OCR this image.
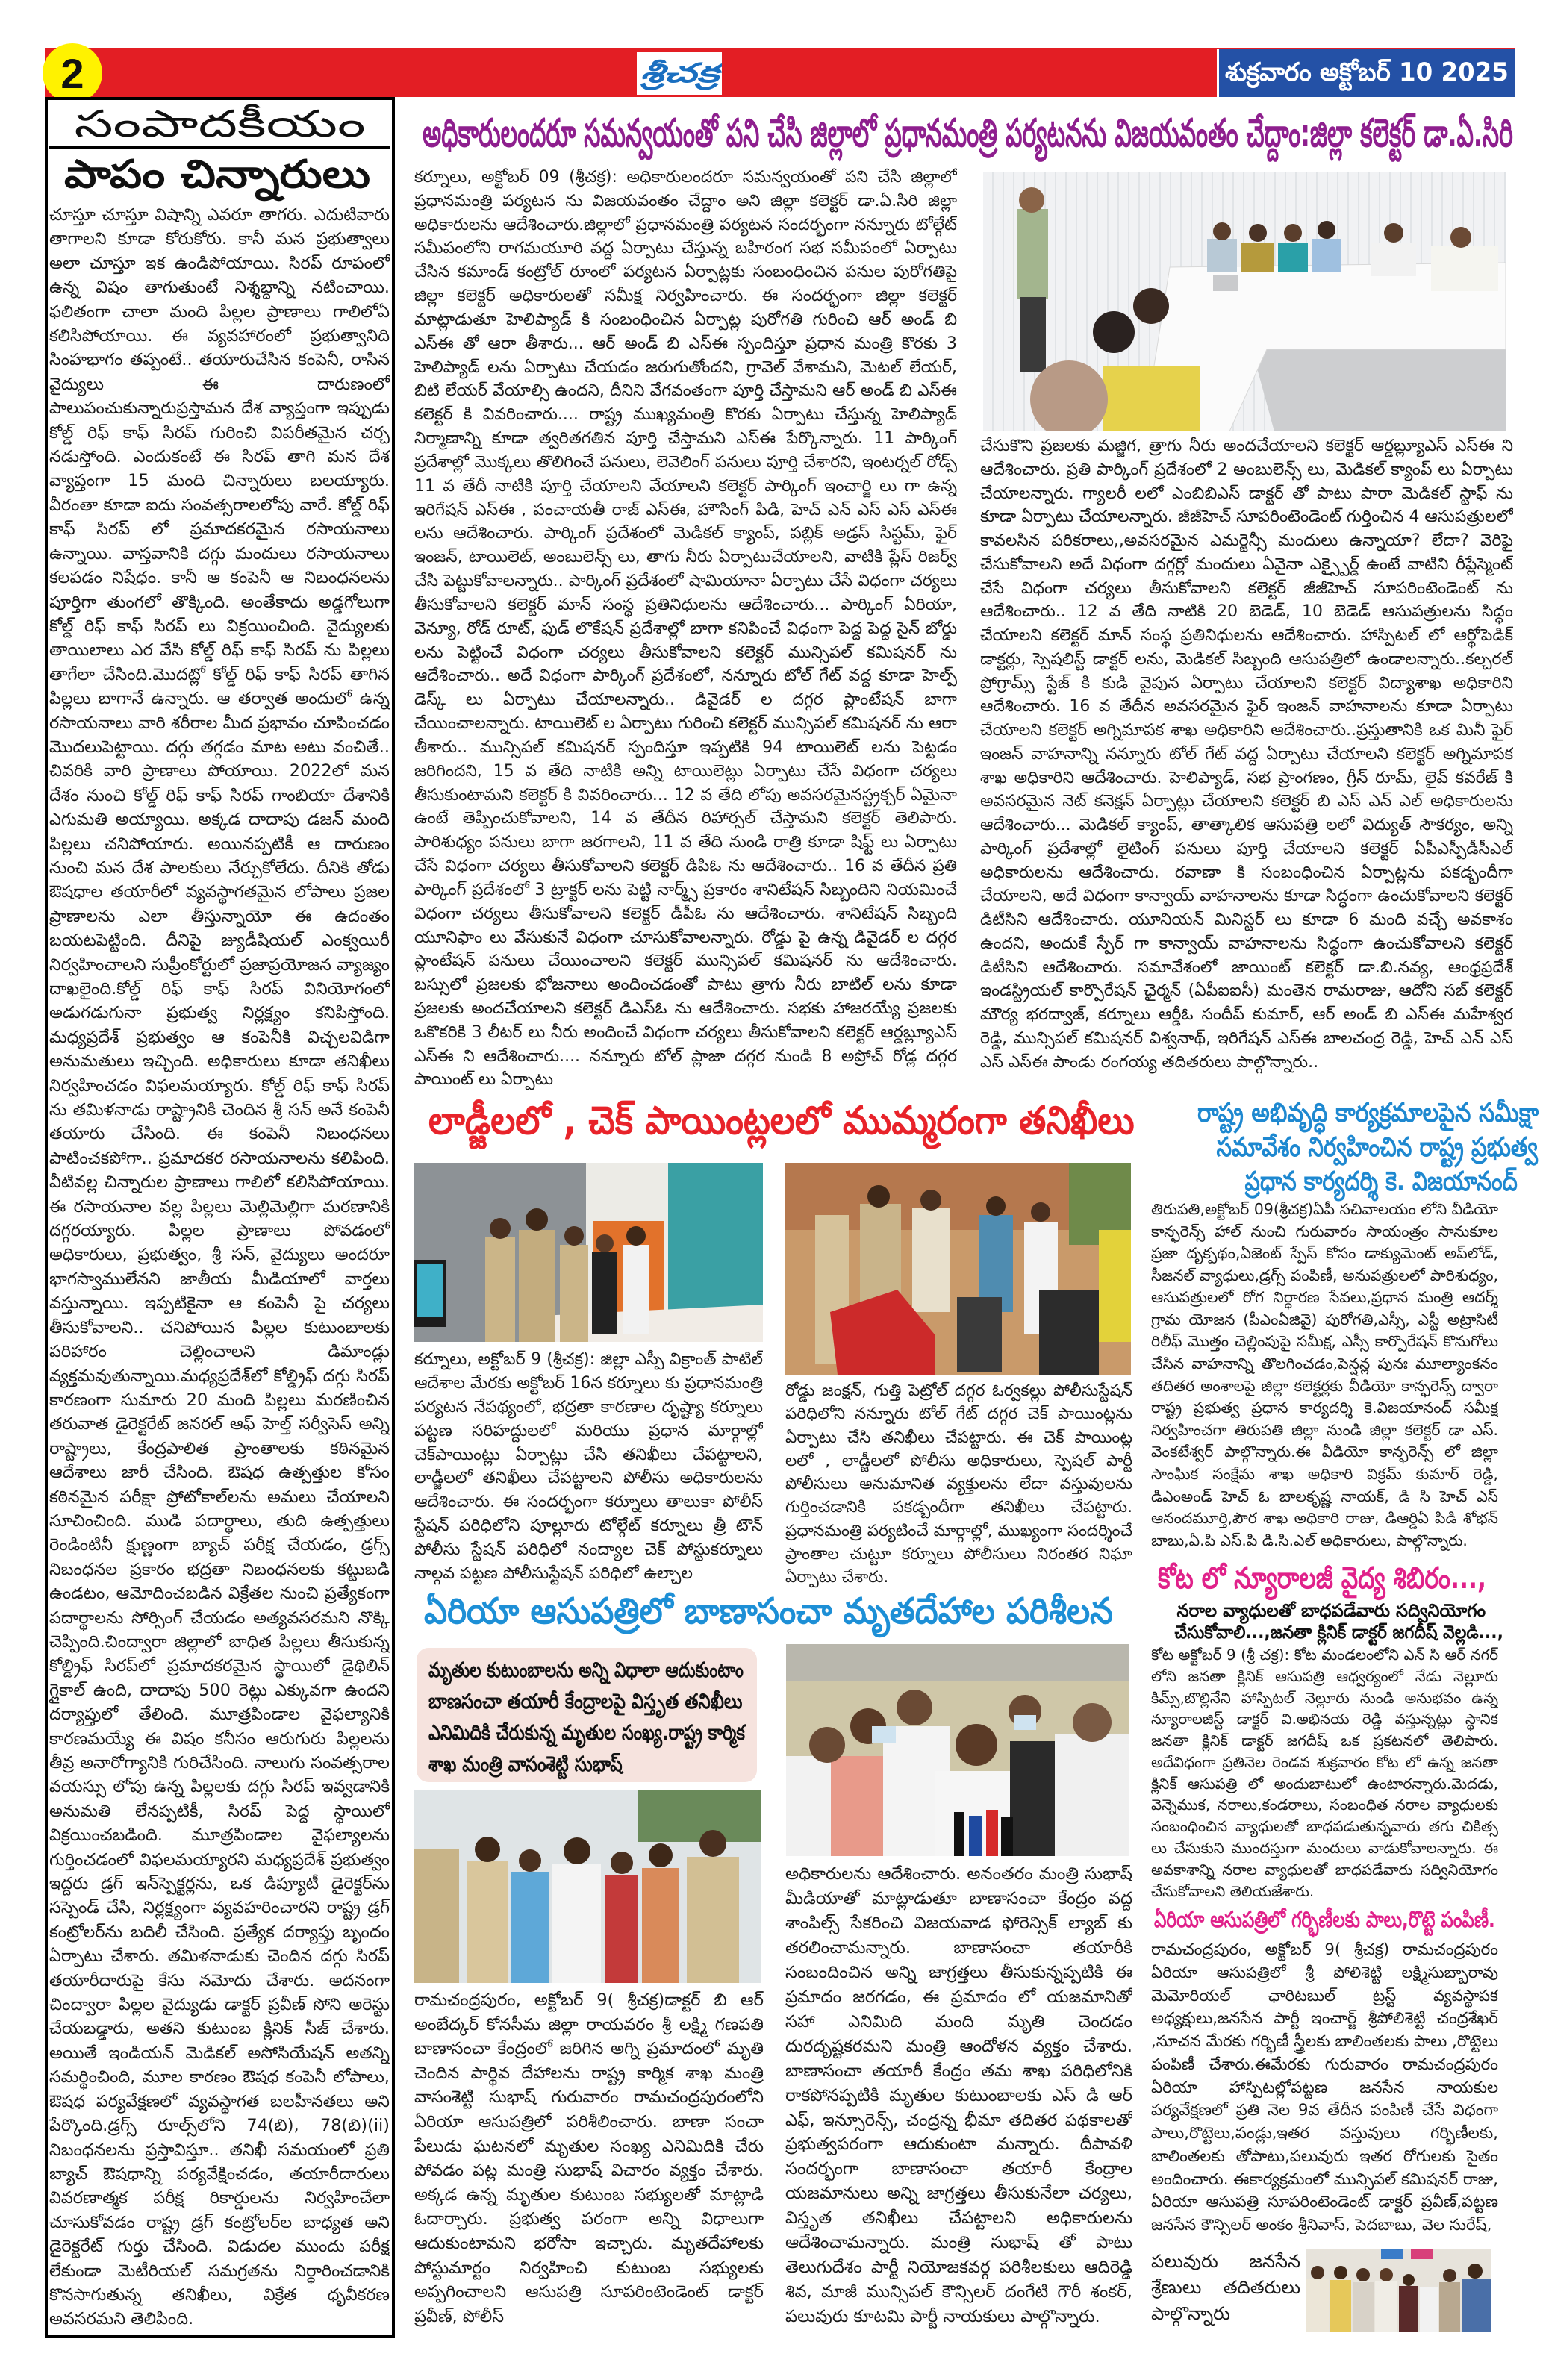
2	శ్రీచక్ర	శుక్రవారం అక్టోబర్ 10 2025
సంపాదకీయం
పాపం చిన్నారులు
చూస్తూ చూస్తూ విషాన్ని ఎవరూ తాగరు. ఎదుటివారు తాగాలని కూడా కోరుకోరు. కానీ మన ప్రభుత్వాలు అలా చూస్తూ ఇక ఉండిపోయాయి. సిరప్ రూపంలో ఉన్న విషం తాగుతుంటే నిశ్శబ్దాన్ని నటించాయి. ఫలితంగా చాలా మంది పిల్లల ప్రాణాలు గాలిలోఏ కలిసిపోయాయి. ఈ వ్యవహారంలో ప్రభుత్వానిది సింహభాగం తప్పంటే.. తయారుచేసిన కంపెనీ, రాసిన వైద్యులు ఈ దారుణంలో పాలుపంచుకున్నారుప్రస్తామన దేశ వ్యాప్తంగా ఇప్పుడు కోల్డ్ రిఫ్ కాఫ్ సిరప్ గురించి విపరీతమైన చర్చ నడుస్తోంది. ఎందుకంటే ఈ సిరప్ తాగి మన దేశ వ్యాప్తంగా 15 మంది చిన్నారులు బలయ్యారు. వీరంతా కూడా ఐదు సంవత్సరాలలోపు వారే. కోల్డ్ రిఫ్ కాఫ్ సిరప్ లో ప్రమాదకరమైన రసాయనాలు ఉన్నాయి. వాస్తవానికి దగ్గు మందులు రసాయనాలు కలపడం నిషేధం. కానీ ఆ కంపెనీ ఆ నిబంధనలను పూర్తిగా తుంగలో తొక్కింది. అంతేకాదు అడ్డగోలుగా కోల్డ్ రిఫ్ కాఫ్ సిరప్ లు విక్రయించింది. వైద్యులకు తాయిలాలు ఎర వేసి కోల్డ్ రిఫ్ కాఫ్ సిరప్ ను పిల్లలు తాగేలా చేసింది.మొదట్లో కోల్డ్ రిఫ్ కాఫ్ సిరప్ తాగిన పిల్లలు బాగానే ఉన్నారు. ఆ తర్వాత అందులో ఉన్న రసాయనాలు వారి శరీరాల మీద ప్రభావం చూపించడం మొదలుపెట్టాయి. దగ్గు తగ్గడం మాట అటు వంచితే.. చివరికి వారి ప్రాణాలు పోయాయి. 2022లో మన దేశం నుంచి కోల్డ్ రిఫ్ కాఫ్ సిరప్ గాంబియా దేశానికి ఎగుమతి అయ్యాయి. అక్కడ దాదాపు డజన్ మంది పిల్లలు చనిపోయారు. అయినప్పటికీ ఆ దారుణం నుంచి మన దేశ పాలకులు నేర్చుకోలేదు. దీనికి తోడు ఔషధాల తయారీలో వ్యవస్థాగతమైన లోపాలు ప్రజల ప్రాణాలను ఎలా తీస్తున్నాయో ఈ ఉదంతం బయటపెట్టింది. దీనిపై జ్యుడీషియల్ ఎంక్వయిరీ నిర్వహించాలని సుప్రీంకోర్టులో ప్రజాప్రయోజన వ్యాజ్యం దాఖలైంది.కోల్డ్ రిఫ్ కాఫ్ సిరప్ వినియోగంలో అడుగడుగునా ప్రభుత్వ నిర్లక్ష్యం కనిపిస్తోంది. మధ్యప్రదేశ్ ప్రభుత్వం ఆ కంపెనీకి విచ్చలవిడిగా అనుమతులు ఇచ్చింది. అధికారులు కూడా తనిఖీలు నిర్వహించడం విఫలమయ్యారు. కోల్డ్ రిఫ్ కాఫ్ సిరప్ ను తమిళనాడు రాష్ట్రానికి చెందిన శ్రీ సన్ అనే కంపెనీ తయారు చేసింది. ఈ కంపెనీ నిబంధనలు పాటించకపోగా.. ప్రమాదకర రసాయనాలను కలిపింది. వీటివల్ల చిన్నారుల ప్రాణాలు గాలిలో కలిసిపోయాయి. ఈ రసాయనాల వల్ల పిల్లలు మెల్లిమెల్లిగా మరణానికి దగ్గరయ్యారు. పిల్లల ప్రాణాలు పోవడంలో అధికారులు, ప్రభుత్వం, శ్రీ సన్, వైద్యులు అందరూ భాగస్వాములేనని జాతీయ మీడియాలో వార్తలు వస్తున్నాయి. ఇప్పటికైనా ఆ కంపెనీ పై చర్యలు తీసుకోవాలని.. చనిపోయిన పిల్లల కుటుంబాలకు పరిహారం చెల్లించాలని డిమాండ్లు వ్యక్తమవుతున్నాయి.మధ్యప్రదేశ్‌లో కోల్డ్రిఫ్ దగ్గు సిరప్ కారణంగా సుమారు 20 మంది పిల్లలు మరణించిన తరువాత డైరెక్టరేట్ జనరల్ ఆఫ్ హెల్త్ సర్వీసెస్ అన్ని రాష్ట్రాలు, కేంద్రపాలిత ప్రాంతాలకు కఠినమైన ఆదేశాలు జారీ చేసింది. ఔషధ ఉత్పత్తుల కోసం కఠినమైన పరీక్షా ప్రోటోకాల్‌లను అమలు చేయాలని సూచించింది. ముడి పదార్థాలు, తుది ఉత్పత్తులు రెండింటినీ క్షుణ్ణంగా బ్యాచ్ పరీక్ష చేయడం, డ్రగ్స్ నిబంధనల ప్రకారం భద్రతా నిబంధనలకు కట్టుబడి ఉండటం, ఆమోదించబడిన విక్రేతల నుంచి ప్రత్యేకంగా పదార్థాలను సోర్సింగ్ చేయడం అత్యవసరమని నొక్కి చెప్పింది.చింద్వారా జిల్లాలో బాధిత పిల్లలు తీసుకున్న కోల్డ్రిఫ్ సిరప్‌లో ప్రమాదకరమైన స్థాయిలో డైథిలిన్ గ్లైకాల్ ఉంది, దాదాపు 500 రెట్లు ఎక్కువగా ఉందని దర్యాప్తులో తేలింది. మూత్రపిండాల వైఫల్యానికి కారణమయ్యే ఈ విషం కనీసం ఆరుగురు పిల్లలను తీవ్ర అనారోగ్యానికి గురిచేసింది. నాలుగు సంవత్సరాల వయస్సు లోపు ఉన్న పిల్లలకు దగ్గు సిరప్ ఇవ్వడానికి అనుమతి లేనప్పటికీ, సిరప్ పెద్ద స్థాయిలో విక్రయించబడింది. మూత్రపిండాల వైఫల్యాలను గుర్తించడంలో విఫలమయ్యారని మధ్యప్రదేశ్ ప్రభుత్వం ఇద్దరు డ్రగ్ ఇన్‌స్పెక్టర్లను, ఒక డిప్యూటీ డైరెక్టర్‌ను సస్పెండ్ చేసి, నిర్లక్ష్యంగా వ్యవహరించారని రాష్ట్ర డ్రగ్ కంట్రోలర్‌ను బదిలీ చేసింది. ప్రత్యేక దర్యాప్తు బృందం ఏర్పాటు చేశారు. తమిళనాడుకు చెందిన దగ్గు సిరప్ తయారీదారుపై కేసు నమోదు చేశారు. అదనంగా చింద్వారా పిల్లల వైద్యుడు డాక్టర్ ప్రవీణ్ సోని అరెస్టు చేయబడ్డారు, అతని కుటుంబ క్లినిక్‌ సీజ్ చేశారు. అయితే ఇండియన్ మెడికల్ అసోసియేషన్ అతన్ని సమర్థించింది, మూల కారణం ఔషధ కంపెనీ లోపాలు, ఔషధ పర్యవేక్షణలో వ్యవస్థాగత బలహీనతలు అని పేర్కొంది.డ్రగ్స్ రూల్స్‌లోని 74(బి), 78(బి)(ii) నిబంధనలను ప్రస్తావిస్తూ.. తనిఖీ సమయంలో ప్రతి బ్యాచ్ ఔషధాన్ని పర్యవేక్షించడం, తయారీదారులు వివరణాత్మక పరీక్ష రికార్డులను నిర్వహించేలా చూసుకోవడం రాష్ట్ర డ్రగ్ కంట్రోలర్‌ల బాధ్యత అని డైరెక్టరేట్ గుర్తు చేసింది. విడుదల ముందు పరీక్ష లేకుండా మెటీరియల్ సమగ్రతను నిర్ధారించడానికి కొనసాగుతున్న తనిఖీలు, విక్రేత ధృవీకరణ అవసరమని తెలిపింది.
అధికారులందరూ సమన్వయంతో పని చేసి జిల్లాలో ప్రధానమంత్రి పర్యటనను విజయవంతం చేద్దాం:జిల్లా కలెక్టర్ డా.ఏ.సిరి
కర్నూలు, అక్టోబర్ 09 (శ్రీచక్ర): అధికారులందరూ సమన్వయంతో పని చేసి జిల్లాలో ప్రధానమంత్రి పర్యటన ను విజయవంతం చేద్దాం అని జిల్లా కలెక్టర్ డా.ఏ.సిరి జిల్లా అధికారులను ఆదేశించారు.జిల్లాలో ప్రధానమంత్రి పర్యటన సందర్భంగా నన్నూరు టోల్గేట్ సమీపంలోని రాగమయూరి వద్ద ఏర్పాటు చేస్తున్న బహిరంగ సభ సమీపంలో ఏర్పాటు చేసిన కమాండ్ కంట్రోల్ రూంలో పర్యటన ఏర్పాట్లకు సంబంధించిన పనుల పురోగతిపై జిల్లా కలెక్టర్ అధికారులతో సమీక్ష నిర్వహించారు. ఈ సందర్భంగా జిల్లా కలెక్టర్ మాట్లాడుతూ హెలిప్యాడ్ కి సంబంధించిన ఏర్పాట్ల పురోగతి గురించి ఆర్ అండ్ బి ఎస్ఈ తో ఆరా తీశారు... ఆర్ అండ్ బి ఎస్ఈ స్పందిస్తూ ప్రధాన మంత్రి కొరకు 3 హెలిప్యాడ్ లను ఏర్పాటు చేయడం జరుగుతోందని, గ్రావెల్ వేశామని, మెటల్ లేయర్, బిటి లేయర్ వేయాల్సి ఉందని, దీనిని వేగవంతంగా పూర్తి చేస్తామని ఆర్ అండ్ బి ఎస్ఈ కలెక్టర్ కి వివరించారు.... రాష్ట్ర ముఖ్యమంత్రి కొరకు ఏర్పాటు చేస్తున్న హెలిప్యాడ్ నిర్మాణాన్ని కూడా త్వరితగతిన పూర్తి చేస్తామని ఎస్ఈ పేర్కొన్నారు. 11 పార్కింగ్ ప్రదేశాల్లో మొక్కలు తొలిగించే పనులు, లెవెలింగ్ పనులు పూర్తి చేశారని, ఇంటర్నల్ రోడ్స్ 11 వ తేదీ నాటికి పూర్తి చేయాలని వేయాలని కలెక్టర్ పార్కింగ్ ఇంచార్జి లు గా ఉన్న ఇరిగేషన్ ఎస్ఈ , పంచాయతీ రాజ్ ఎస్ఈ, హౌసింగ్ పిడి, హెచ్ ఎన్ ఎస్ ఎస్ ఎస్ఈ లను ఆదేశించారు. పార్కింగ్ ప్రదేశంలో మెడికల్ క్యాంప్, పబ్లిక్ అడ్రస్ సిస్టమ్, ఫైర్ ఇంజన్, టాయిలెట్, అంబులెన్స్ లు, తాగు నీరు ఏర్పాటుచేయాలని, వాటికి ప్లేస్ రిజర్వ్ చేసి పెట్టుకోవాలన్నారు.. పార్కింగ్ ప్రదేశంలో షామియానా ఏర్పాటు చేసే విధంగా చర్యలు తీసుకోవాలని కలెక్టర్ మాన్ సంస్థ ప్రతినిధులను ఆదేశించారు... పార్కింగ్ ఏరియా, వెన్యూ, రోడ్ రూట్, ఫుడ్ లొకేషన్ ప్రదేశాల్లో బాగా కనిపించే విధంగా పెద్ద పెద్ద సైన్ బోర్డు లను పెట్టించే విధంగా చర్యలు తీసుకోవాలని కలెక్టర్ మున్సిపల్ కమిషనర్ ను ఆదేశించారు.. అదే విధంగా పార్కింగ్ ప్రదేశంలో, నన్నూరు టోల్ గేట్ వద్ద కూడా హెల్ప్ డెస్క్ లు ఏర్పాటు చేయాలన్నారు.. డివైడర్ ల దగ్గర ప్లాంటేషన్ బాగా చేయించాలన్నారు. టాయిలెట్ ల ఏర్పాటు గురించి కలెక్టర్ మున్సిపల్ కమిషనర్ ను ఆరా తీశారు.. మున్సిపల్ కమిషనర్ స్పందిస్తూ ఇప్పటికి 94 టాయిలెట్ లను పెట్టడం జరిగిందని, 15 వ తేది నాటికి అన్ని టాయిలెట్లు ఏర్పాటు చేసే విధంగా చర్యలు తీసుకుంటామని కలెక్టర్ కి వివరించారు... 12 వ తేది లోపు అవసరమైనస్ట్రక్చర్ ఏమైనా ఉంటే తెప్పించుకోవాలని, 14 వ తేదీన రిహార్సల్ చేస్తామని కలెక్టర్ తెలిపారు. పారిశుధ్యం పనులు బాగా జరగాలని, 11 వ తేది నుండి రాత్రి కూడా షిఫ్ట్ లు ఏర్పాటు చేసే విధంగా చర్యలు తీసుకోవాలని కలెక్టర్ డిపిఓ ను ఆదేశించారు.. 16 వ తేదీన ప్రతి పార్కింగ్ ప్రదేశంలో 3 ట్రాక్టర్ లను పెట్టి నార్మ్స్ ప్రకారం శానిటేషన్ సిబ్బందిని నియమించే విధంగా చర్యలు తీసుకోవాలని కలెక్టర్ డీపీఓ ను ఆదేశించారు. శానిటేషన్ సిబ్బంది యూనిఫాం లు వేసుకునే విధంగా చూసుకోవాలన్నారు. రోడ్డు పై ఉన్న డివైడర్ ల దగ్గర ప్లాంటేషన్ పనులు చేయించాలని కలెక్టర్ మున్సిపల్ కమిషనర్ ను ఆదేశించారు. బస్సులో ప్రజలకు భోజనాలు అందించడంతో పాటు త్రాగు నీరు బాటిల్ లను కూడా ప్రజలకు అందచేయాలని కలెక్టర్ డిఎస్ఓ ను ఆదేశించారు. సభకు హాజరయ్యే ప్రజలకు ఒకొకరికి 3 లీటర్ లు నీరు అందించే విధంగా చర్యలు తీసుకోవాలని కలెక్టర్ ఆర్డబ్ల్యూఎస్ ఎస్ఈ ని ఆదేశించారు.... నన్నూరు టోల్ ప్లాజా దగ్గర నుండి 8 అప్రోచ్ రోడ్ల దగ్గర పాయింట్ లు ఏర్పాటు
చేసుకొని ప్రజలకు మజ్జిగ, త్రాగు నీరు అందచేయాలని కలెక్టర్ ఆర్డబ్ల్యూఎస్ ఎస్ఈ ని ఆదేశించారు. ప్రతి పార్కింగ్ ప్రదేశంలో 2 అంబులెన్స్ లు, మెడికల్ క్యాంప్ లు ఏర్పాటు చేయాలన్నారు. గ్యాలరీ లలో ఎంబిబిఎస్ డాక్టర్ తో పాటు పారా మెడికల్ స్టాఫ్ ను కూడా ఏర్పాటు చేయాలన్నారు. జీజీహెచ్ సూపరింటెండెంట్ గుర్తించిన 4 ఆసుపత్రులలో కావలసిన పరికరాలు,,అవసరమైన ఎమర్జెన్సీ మందులు ఉన్నాయా? లేదా? వెరిఫై చేసుకోవాలని అదే విధంగా దగ్గర్లో మందులు ఏవైనా ఎక్స్పైర్డ్ ఉంటే వాటిని రీప్లేస్మెంట్ చేసే విధంగా చర్యలు తీసుకోవాలని కలెక్టర్ జీజీహెచ్ సూపరింటెండెంట్ ను ఆదేశించారు.. 12 వ తేది నాటికి 20 బెడెడ్, 10 బెడెడ్ ఆసుపత్రులను సిద్ధం చేయాలని కలెక్టర్ మాన్ సంస్థ ప్రతినిధులను ఆదేశించారు. హాస్పిటల్ లో ఆర్థోపెడిక్ డాక్టర్లు, స్పెషలిస్ట్ డాక్టర్ లను, మెడికల్ సిబ్బంది ఆసుపత్రిలో ఉండాలన్నారు..కల్చరల్ ప్రోగ్రామ్స్ స్టేజ్ కి కుడి వైపున ఏర్పాటు చేయాలని కలెక్టర్ విద్యాశాఖ అధికారిని ఆదేశించారు. 16 వ తేదీన అవసరమైన ఫైర్ ఇంజన్ వాహనాలను కూడా ఏర్పాటు చేయాలని కలెక్టర్ అగ్నిమాపక శాఖ అధికారిని ఆదేశించారు..ప్రస్తుతానికి ఒక మినీ ఫైర్ ఇంజన్ వాహనాన్ని నన్నూరు టోల్ గేట్ వద్ద ఏర్పాటు చేయాలని కలెక్టర్ అగ్నిమాపక శాఖ అధికారిని ఆదేశించారు. హెలిప్యాడ్, సభ ప్రాంగణం, గ్రీన్ రూమ్, లైవ్ కవరేజ్ కి అవసరమైన నెట్ కనెక్షన్ ఏర్పాట్లు చేయాలని కలెక్టర్ బి ఎస్ ఎన్ ఎల్ అధికారులను ఆదేశించారు... మెడికల్ క్యాంప్, తాత్కాలిక ఆసుపత్రి లలో విద్యుత్ సౌకర్యం, అన్ని పార్కింగ్ ప్రదేశాల్లో లైటింగ్ పనులు పూర్తి చేయాలని కలెక్టర్ ఏపీఎస్పీడీసీఎల్ అధికారులను ఆదేశించారు. రవాణా కి సంబంధించిన ఏర్పాట్లను పకడ్బందీగా చేయాలని, అదే విధంగా కాన్వాయ్ వాహనాలను కూడా సిద్ధంగా ఉంచుకోవాలని కలెక్టర్ డిటీసిని ఆదేశించారు. యూనియన్ మినిస్టర్ లు కూడా 6 మంది వచ్చే అవకాశం ఉందని, అందుకే స్పేర్ గా కాన్వాయ్ వాహనాలను సిద్ధంగా ఉంచుకోవాలని కలెక్టర్ డిటీసిని ఆదేశించారు. సమావేశంలో జాయింట్ కలెక్టర్ డా.బి.నవ్య, ఆంధ్రప్రదేశ్ ఇండస్ట్రియల్ కార్పొరేషన్ ఛైర్మన్ (ఏపీఐఐసీ) మంతెన రామరాజు, ఆదోని సబ్ కలెక్టర్ మౌర్య భరద్వాజ్, కర్నూలు ఆర్డీఓ సందీప్ కుమార్, ఆర్ అండ్ బి ఎస్ఈ మహేశ్వర రెడ్డి, మున్సిపల్ కమిషనర్ విశ్వనాథ్, ఇరిగేషన్ ఎస్ఈ బాలచంద్ర రెడ్డి, హెచ్ ఎన్ ఎస్ ఎస్ ఎస్ఈ పాండు రంగయ్య తదితరులు పాల్గొన్నారు..
లాడ్జీలలో , చెక్ పాయింట్లలలో ముమ్మరంగా తనిఖీలు
కర్నూలు, అక్టోబర్ 9 (శ్రీచక్ర): జిల్లా ఎస్పీ విక్రాంత్ పాటిల్ ఆదేశాల మేరకు అక్టోబర్ 16న కర్నూలు కు ప్రధానమంత్రి పర్యటన నేపథ్యంలో, భద్రతా కారణాల దృష్ట్యా కర్నూలు పట్టణ సరిహద్దులలో మరియు ప్రధాన మార్గాల్లో చెక్‌పాయింట్లు ఏర్పాట్లు చేసి తనిఖీలు చేపట్టాలని, లాడ్జీలలో తనిఖీలు చేపట్టాలని పోలీసు అధికారులను ఆదేశించారు. ఈ సందర్భంగా కర్నూలు తాలుకా పోలీస్ స్టేషన్ పరిధిలోని పూల్లూరు టోల్గేట్ కర్నూలు త్రీ టౌన్ పోలీసు స్టేషన్ పరిధిలో నంద్యాల చెక్ పోస్టుకర్నూలు నాల్గవ పట్టణ పోలీసుస్టేషన్ పరిధిలో ఉల్చాల
రోడ్డు జంక్షన్, గుత్తి పెట్రోల్ దగ్గర ఓర్వకల్లు పోలీసుస్టేషన్ పరిధిలోని నన్నూరు టోల్ గేట్ దగ్గర చెక్ పాయింట్లను ఏర్పాటు చేసి తనిఖీలు చేపట్టారు. ఈ చెక్ పాయింట్ల లలో , లాడ్జీలలో పోలీసు అధికారులు, స్పెషల్ పార్టీ పోలీసులు అనుమానిత వ్యక్తులను లేదా వస్తువులను గుర్తించడానికి పకడ్బందీగా తనిఖీలు చేపట్టారు. ప్రధానమంత్రి పర్యటించే మార్గాల్లో, ముఖ్యంగా సందర్శించే ప్రాంతాల చుట్టూ కర్నూలు పోలీసులు నిరంతర నిఘా ఏర్పాటు చేశారు.
రాష్ట్ర అభివృద్ధి కార్యక్రమాలపైన సమీక్షా
సమావేశం నిర్వహించిన రాష్ట్ర ప్రభుత్వ
ప్రధాన కార్యదర్శి కె. విజయానంద్
తిరుపతి,అక్టోబర్ 09(శ్రీచక్ర)ఏపీ సచివాలయం లోని వీడియో కాన్ఫరెన్స్ హాల్ నుంచి గురువారం సాయంత్రం సానుకూల ప్రజా దృక్పథం,ఏజెంట్ స్పేస్ కోసం డాక్యుమెంట్ అప్‌లోడ్, సీజనల్ వ్యాధులు,డ్రగ్స్ పంపిణీ, అనుపత్రులలో పారిశుధ్యం, ఆసుపత్రులలో రోగ నిర్ధారణ సేవలు,ప్రధాన మంత్రి ఆదర్శ్ గ్రామ యోజన (పీఎంఏజివై) పురోగతి,ఎస్సీ, ఎస్టీ అట్రాసిటీ రిలీఫ్ మొత్తం చెల్లింపుపై సమీక్ష, ఎస్సీ కార్పొరేషన్ కొనుగోలు చేసిన వాహనాన్ని తొలగించడం,పెన్షన్ల పునః మూల్యాంకనం తదితర అంశాలపై జిల్లా కలెక్టర్లకు వీడియో కాన్ఫరెన్స్ ద్వారా రాష్ట్ర ప్రభుత్వ ప్రధాన కార్యదర్శి కె.విజయానంద్ సమీక్ష నిర్వహించగా తిరుపతి జిల్లా నుండి జిల్లా కలెక్టర్ డా ఎస్. వెంకటేశ్వర్ పాల్గొన్నారు.ఈ వీడియో కాన్ఫరెన్స్ లో జిల్లా సాంఘిక సంక్షేమ శాఖ అధికారి విక్రమ్ కుమార్ రెడ్డి, డిఎంఅండ్ హెచ్ ఓ బాలకృష్ణ నాయక్, డి సి హెచ్ ఎస్ ఆనందమూర్తి,పౌర శాఖ అధికారి రాజు, డిఆర్డిఏ పిడి శోభన్ బాబు,ఏ.పి ఎస్.పి డి.సి.ఎల్ అధికారులు, పాల్గొన్నారు.
కోట లో న్యూరాలజీ వైద్య శిబిరం...,
నరాల వ్యాధులతో బాధపడేవారు సద్వినియోగం
చేసుకోవాలి...,జనతా క్లినిక్ డాక్టర్ జగదీష్ వెల్లడి...,
కోట అక్టోబర్ 9 (శ్రీ చక్ర): కోట మండలంలోని ఎన్ సి ఆర్ నగర్ లోని జనతా క్లినిక్ ఆసుపత్రి ఆధ్వర్యంలో నేడు నెల్లూరు కిమ్స్,బొల్లినేని హాస్పిటల్ నెల్లూరు నుండి అనుభవం ఉన్న న్యూరాలజిస్ట్ డాక్టర్ వి.అభినయ రెడ్డి వస్తున్నట్లు స్థానిక జనతా క్లినిక్ డాక్టర్ జగదీష్ ఒక ప్రకటనలో తెలిపారు. అదేవిధంగా ప్రతినెల రెండవ శుక్రవారం కోట లో ఉన్న జనతా క్లినిక్ ఆసుపత్రి లో అందుబాటులో ఉంటారన్నారు.మెదడు, వెన్నెముక, నరాలు,కండరాలు, సంబంధిత నరాల వ్యాధులకు సంబంధించిన వ్యాధులతో బాధపడుతున్నవారు తగు చికిత్స లు చేసుకుని ముందస్తుగా మందులు వాడుకోవాలన్నారు. ఈ అవకాశాన్ని నరాల వ్యాధులతో బాధపడేవారు సద్వినియోగం చేసుకోవాలని తెలియజేశారు.
ఏరియా ఆసుపత్రిలో గర్భిణీలకు పాలు,రొట్టె పంపిణీ.
రామచంద్రపురం, అక్టోబర్ 9( శ్రీచక్ర) రామచంద్రపురం ఏరియా ఆసుపత్రిలో శ్రీ పోలిశెట్టి లక్ష్మిసుబ్బారావు మెమోరియల్ ఛారిటబుల్ ట్రస్ట్ వ్యవస్థాపక అధ్యక్షులు,జనసేన పార్టీ ఇంచార్జ్ శ్రీపోలిశెట్టి చంద్రశేఖర్ ,సూచన మేరకు గర్భిణీ స్త్రీలకు బాలింతలకు పాలు ,రొట్టెలు పంపిణీ చేశారు.ఈమేరకు గురువారం రామచంద్రపురం ఏరియా హాస్పిటల్లోపట్టణ జనసేన నాయకుల పర్యవేక్షణలో ప్రతి నెల 9వ తేదీన పంపిణీ చేసే విధంగా పాలు,రొట్టెలు,పండ్లు,ఇతర వస్తువులు గర్భిణీలకు, బాలింతలకు తోపాటు,పలువురు ఇతర రోగులకు సైతం అందించారు. ఈకార్యక్రమంలో మున్సిపల్ కమిషనర్ రాజు, ఏరియా ఆసుపత్రి సూపరింటెండెంట్ డాక్టర్ ప్రవీణ్,పట్టణ జనసేన కౌన్సిలర్ అంకం శ్రీనివాస్, పెదబాబు, వెల సురేష్,
పలువురు జనసేన శ్రేణులు తదితరులు పాల్గొన్నారు
ఏరియా ఆసుపత్రిలో బాణాసంచా మృతదేహాల పరిశీలన
మృతుల కుటుంబాలను అన్ని విధాలా ఆదుకుంటాం
బాణసంచా తయారీ కేంద్రాలపై విస్తృత తనిఖీలు
ఎనిమిదికి చేరుకున్న మృతుల సంఖ్య.రాష్ట్ర కార్మిక
శాఖ మంత్రి వాసంశెట్టి సుభాష్
రామచంద్రపురం, అక్టోబర్ 9( శ్రీచక్ర)డాక్టర్ బి ఆర్ అంబేద్కర్ కోనసీమ జిల్లా రాయవరం శ్రీ లక్ష్మి గణపతి బాణాసంచా కేంద్రంలో జరిగిన అగ్ని ప్రమాదంలో మృతి చెందిన పార్థివ దేహాలను రాష్ట్ర కార్మిక శాఖ మంత్రి వాసంశెట్టి సుభాష్ గురువారం రామచంద్రపురంలోని ఏరియా ఆసుపత్రిలో పరిశీలించారు. బాణా సంచా పేలుడు ఘటనలో మృతుల సంఖ్య ఎనిమిదికి చేరు పోవడం పట్ల మంత్రి సుభాష్ విచారం వ్యక్తం చేశారు. అక్కడ ఉన్న మృతుల కుటుంబ సభ్యులతో మాట్లాడి ఓదార్చారు. ప్రభుత్వ పరంగా అన్ని విధాలుగా ఆదుకుంటామని భరోసా ఇచ్చారు. మృతదేహాలకు పోస్టుమార్టం నిర్వహించి కుటుంబ సభ్యులకు అప్పగించాలని ఆసుపత్రి సూపరింటెండెంట్ డాక్టర్ ప్రవీణ్, పోలీస్
అధికారులను ఆదేశించారు. అనంతరం మంత్రి సుభాష్ మీడియాతో మాట్లాడుతూ బాణాసంచా కేంద్రం వద్ద శాంపిల్స్ సేకరించి విజయవాడ ఫోరెన్సిక్ ల్యాబ్ కు తరలించామన్నారు. బాణాసంచా తయారీకి సంబందించిన అన్ని జాగ్రత్తలు తీసుకున్నప్పటికి ఈ ప్రమాదం జరగడం, ఈ ప్రమాదం లో యజమానితో సహా ఎనిమిది మంది మృతి చెందడం దురదృష్టకరమని మంత్రి ఆందోళన వ్యక్తం చేశారు. బాణాసంచా తయారీ కేంద్రం తమ శాఖ పరిధిలోనికి రాకపోనప్పటికి మృతుల కుటుంబాలకు ఎస్ డి ఆర్ ఎఫ్, ఇన్సూరెన్స్, చంద్రన్న భీమా తదితర పథకాలతో ప్రభుత్వపరంగా ఆదుకుంటా మన్నారు. దీపావళి సందర్భంగా బాణాసంచా తయారీ కేంద్రాల యజమానులు అన్ని జాగ్రత్తలు తీసుకునేలా చర్యలు, విస్తృత తనిఖీలు చేపట్టాలని అధికారులను ఆదేశించామన్నారు. మంత్రి సుభాష్ తో పాటు తెలుగుదేశం పార్టీ నియోజకవర్గ పరిశీలకులు ఆదిరెడ్డి శివ, మాజీ మున్సిపల్ కౌన్సిలర్ దంగేటి గౌరీ శంకర్, పలువురు కూటమి పార్టీ నాయకులు పాల్గొన్నారు.
